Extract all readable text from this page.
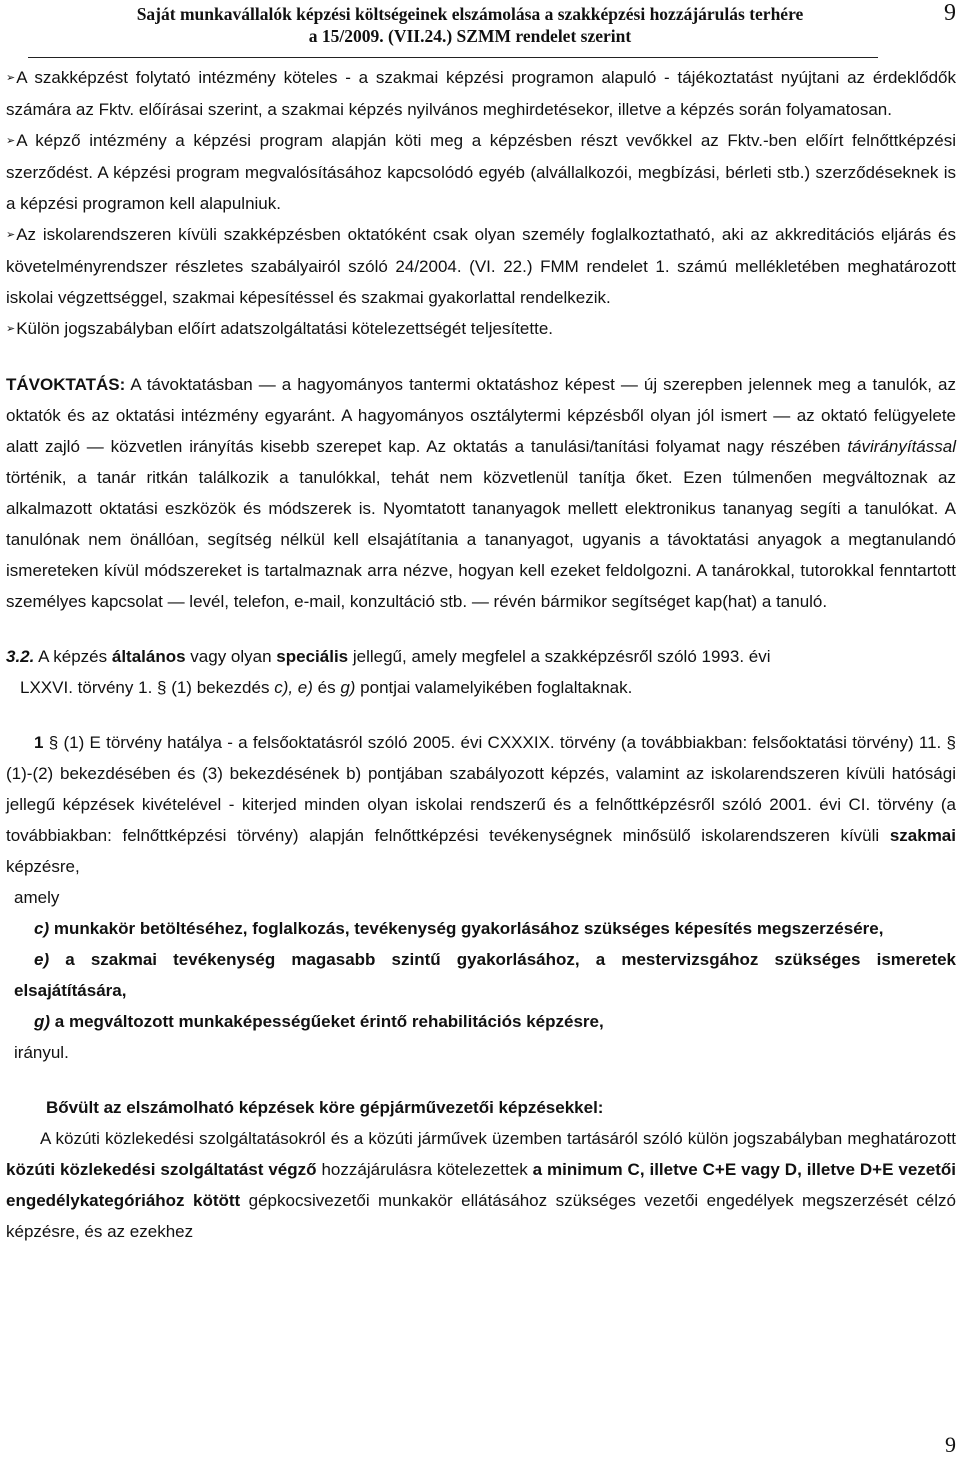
Saját munkavállalók képzési költségeinek elszámolása a szakképzési hozzájárulás terhére
a 15/2009. (VII.24.) SZMM rendelet szerint
9

➢A szakképzést folytató intézmény köteles - a szakmai képzési programon alapuló - tájékoztatást nyújtani az érdeklődők számára az Fktv. előírásai szerint, a szakmai képzés nyilvános meghirdetésekor, illetve a képzés során folyamatosan.

➢A képző intézmény a képzési program alapján köti meg a képzésben részt vevőkkel az Fktv.-ben előírt felnőttképzési szerződést. A képzési program megvalósításához kapcsolódó egyéb (alvállalkozói, megbízási, bérleti stb.) szerződéseknek is a képzési programon kell alapulniuk.

➢Az iskolarendszeren kívüli szakképzésben oktatóként csak olyan személy foglalkoztatható, aki az akkreditációs eljárás és követelményrendszer részletes szabályairól szóló 24/2004. (VI. 22.) FMM rendelet 1. számú mellékletében meghatározott iskolai végzettséggel, szakmai képesítéssel és szakmai gyakorlattal rendelkezik.

➢Külön jogszabályban előírt adatszolgáltatási kötelezettségét teljesítette.

TÁVOKTATÁS: A távoktatásban — a hagyományos tantermi oktatáshoz képest — új szerepben jelennek meg a tanulók, az oktatók és az oktatási intézmény egyaránt. A hagyományos osztálytermi képzésből olyan jól ismert — az oktató felügyelete alatt zajló — közvetlen irányítás kisebb szerepet kap. Az oktatás a tanulási/tanítási folyamat nagy részében távirányítással történik, a tanár ritkán találkozik a tanulókkal, tehát nem közvetlenül tanítja őket. Ezen túlmenően megváltoznak az alkalmazott oktatási eszközök és módszerek is. Nyomtatott tananyagok mellett elektronikus tananyag segíti a tanulókat. A tanulónak nem önállóan, segítség nélkül kell elsajátítania a tananyagot, ugyanis a távoktatási anyagok a megtanulandó ismereteken kívül módszereket is tartalmaznak arra nézve, hogyan kell ezeket feldolgozni. A tanárokkal, tutorokkal fenntartott személyes kapcsolat — levél, telefon, e-mail, konzultáció stb. — révén bármikor segítséget kap(hat) a tanuló.

3.2. A képzés általános vagy olyan speciális jellegű, amely megfelel a szakképzésről szóló 1993. évi

LXXVI. törvény 1. § (1) bekezdés c), e) és g) pontjai valamelyikében foglaltaknak.

1 § (1) E törvény hatálya - a felsőoktatásról szóló 2005. évi CXXXIX. törvény (a továbbiakban: felsőoktatási törvény) 11. § (1)-(2) bekezdésében és (3) bekezdésének b) pontjában szabályozott képzés, valamint az iskolarendszeren kívüli hatósági jellegű képzések kivételével - kiterjed minden olyan iskolai rendszerű és a felnőttképzésről szóló 2001. évi CI. törvény (a továbbiakban: felnőttképzési törvény) alapján felnőttképzési tevékenységnek minősülő iskolarendszeren kívüli szakmai képzésre,

amely

c) munkakör betöltéséhez, foglalkozás, tevékenység gyakorlásához szükséges képesítés megszerzésére,

e) a szakmai tevékenység magasabb szintű gyakorlásához, a mestervizsgához szükséges ismeretek elsajátítására,

g) a megváltozott munkaképességűeket érintő rehabilitációs képzésre,

irányul.

Bővült az elszámolható képzések köre gépjárművezetői képzésekkel:

A közúti közlekedési szolgáltatásokról és a közúti járművek üzemben tartásáról szóló külön jogszabályban meghatározott közúti közlekedési szolgáltatást végző hozzájárulásra kötelezettek a minimum C, illetve C+E vagy D, illetve D+E vezetői engedélykategóriához kötött gépkocsivezetői munkakör ellátásához szükséges vezetői engedélyek megszerzését célzó képzésre, és az ezekhez

9
